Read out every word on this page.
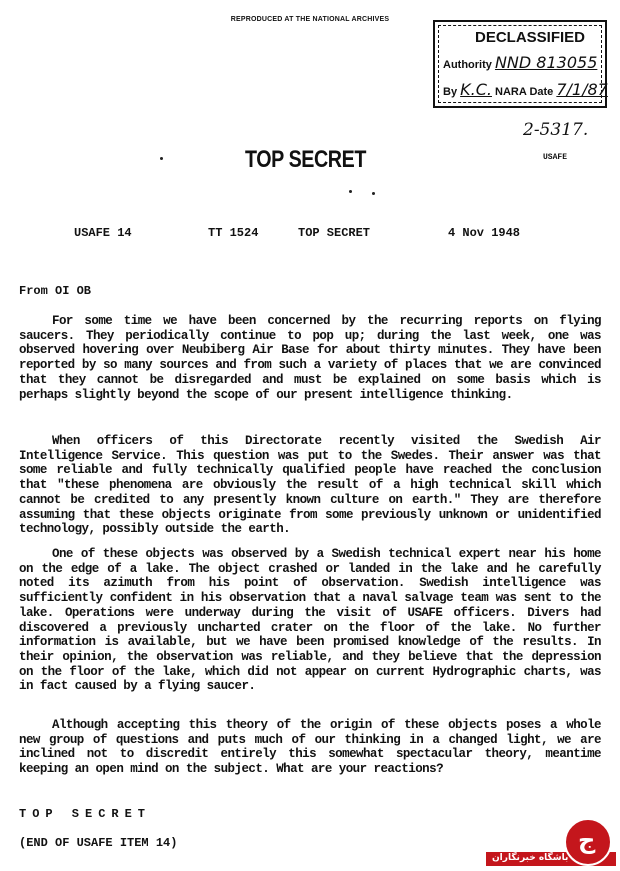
REPRODUCED AT THE NATIONAL ARCHIVES
DECLASSIFIED
Authority NND 813055
By K.C. NARA Date 7/1/87
2-5317.
USAFE
TOP SECRET
USAFE 14	TT 1524	TOP SECRET	4 Nov 1948
From OI OB

For some time we have been concerned by the recurring reports on flying saucers. They periodically continue to pop up; during the last week, one was observed hovering over Neubiberg Air Base for about thirty minutes. They have been reported by so many sources and from such a variety of places that we are convinced that they cannot be disregarded and must be explained on some basis which is perhaps slightly beyond the scope of our present intelligence thinking.

When officers of this Directorate recently visited the Swedish Air Intelligence Service. This question was put to the Swedes. Their answer was that some reliable and fully technically qualified people have reached the conclusion that "these phenomena are obviously the result of a high technical skill which cannot be credited to any presently known culture on earth." They are therefore assuming that these objects originate from some previously unknown or unidentified technology, possibly outside the earth.

One of these objects was observed by a Swedish technical expert near his home on the edge of a lake. The object crashed or landed in the lake and he carefully noted its azimuth from his point of observation. Swedish intelligence was sufficiently confident in his observation that a naval salvage team was sent to the lake. Operations were underway during the visit of USAFE officers. Divers had discovered a previously uncharted crater on the floor of the lake. No further information is available, but we have been promised knowledge of the results. In their opinion, the observation was reliable, and they believe that the depression on the floor of the lake, which did not appear on current Hydrographic charts, was in fact caused by a flying saucer.

Although accepting this theory of the origin of these objects poses a whole new group of questions and puts much of our thinking in a changed light, we are inclined not to discredit entirely this somewhat spectacular theory, meantime keeping an open mind on the subject. What are your reactions?

TOP SECRET
(END OF USAFE ITEM 14)
باشگاه خبرنگاران
ج
